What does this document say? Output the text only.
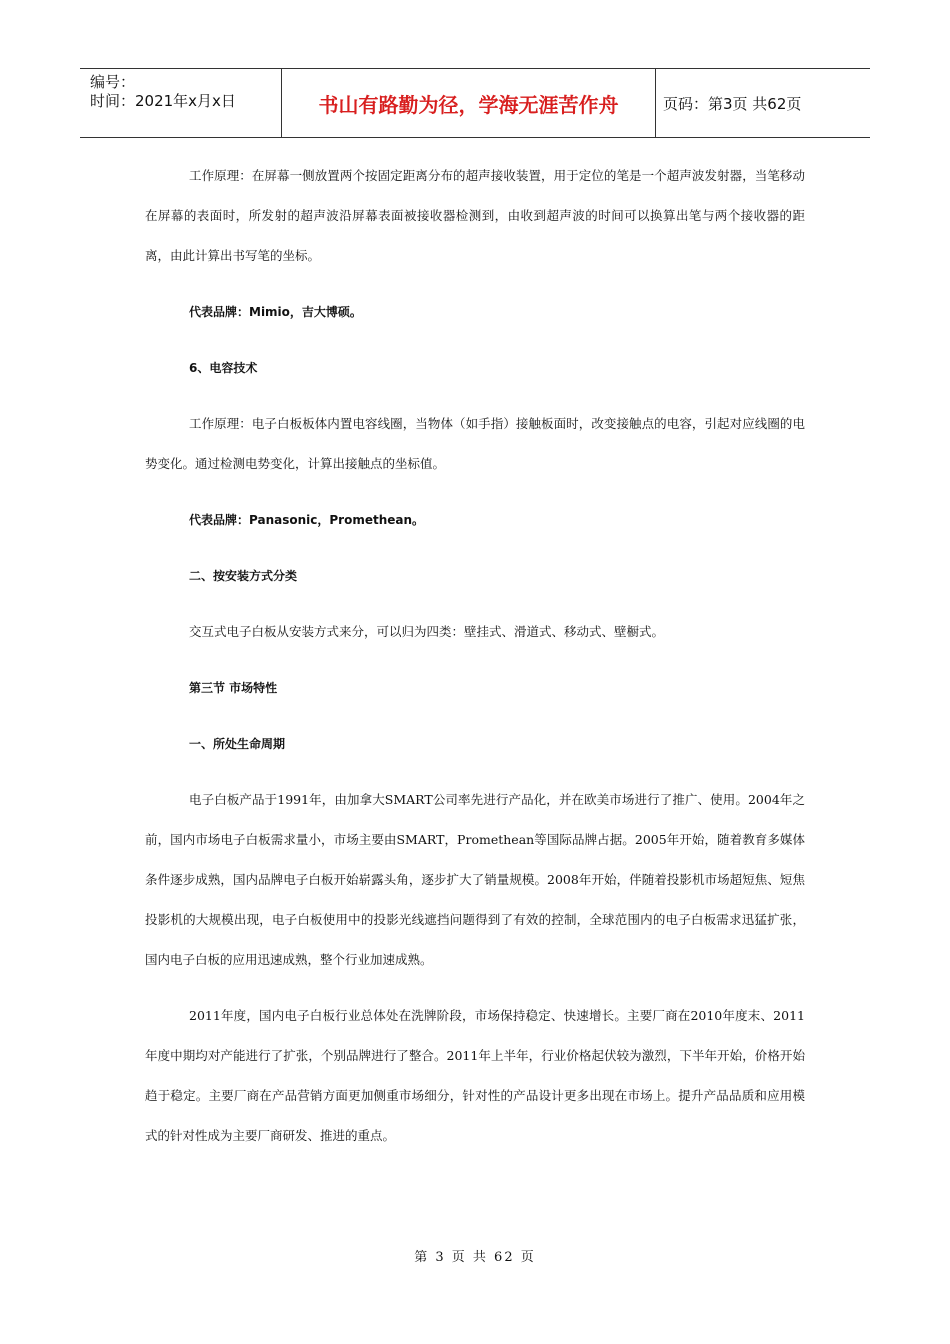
编号：
时间：2021年x月x日	书山有路勤为径，学海无涯苦作舟	页码：第3页 共62页

工作原理：在屏幕一侧放置两个按固定距离分布的超声接收装置，用于定位的笔是一个超声波发射器，当笔移动在屏幕的表面时，所发射的超声波沿屏幕表面被接收器检测到，由收到超声波的时间可以换算出笔与两个接收器的距离，由此计算出书写笔的坐标。

代表品牌：Mimio，吉大博硕。

6、电容技术

工作原理：电子白板板体内置电容线圈，当物体（如手指）接触板面时，改变接触点的电容，引起对应线圈的电势变化。通过检测电势变化，计算出接触点的坐标值。

代表品牌：Panasonic，Promethean。

二、按安装方式分类

交互式电子白板从安装方式来分，可以归为四类：壁挂式、滑道式、移动式、壁橱式。

第三节 市场特性

一、所处生命周期

电子白板产品于1991年，由加拿大SMART公司率先进行产品化，并在欧美市场进行了推广、使用。2004年之前，国内市场电子白板需求量小，市场主要由SMART，Promethean等国际品牌占据。2005年开始，随着教育多媒体条件逐步成熟，国内品牌电子白板开始崭露头角，逐步扩大了销量规模。2008年开始，伴随着投影机市场超短焦、短焦投影机的大规模出现，电子白板使用中的投影光线遮挡问题得到了有效的控制，全球范围内的电子白板需求迅猛扩张，国内电子白板的应用迅速成熟，整个行业加速成熟。

2011年度，国内电子白板行业总体处在洗牌阶段，市场保持稳定、快速增长。主要厂商在2010年度末、2011年度中期均对产能进行了扩张，个别品牌进行了整合。2011年上半年，行业价格起伏较为激烈，下半年开始，价格开始趋于稳定。主要厂商在产品营销方面更加侧重市场细分，针对性的产品设计更多出现在市场上。提升产品品质和应用模式的针对性成为主要厂商研发、推进的重点。

第 3 页 共 62 页
